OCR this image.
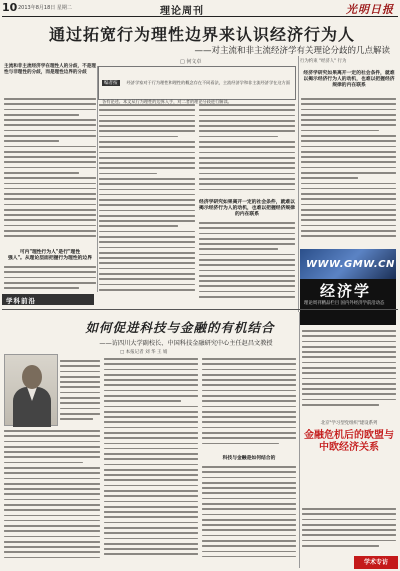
10 2013年8月18日 星期二	理论周刊	光明日报
通过拓宽行为理性边界来认识经济行为人
——对主流和非主流经济学有关理论分歧的几点解读
□ 何文卓
主流和非主流经济学在理性人的分歧，不是理性与非理性的分歧，而是理性边界的分歧
编者按 经济学家对于行为理性和理性的概念存在不同看法，主流经济学和非主流经济学在这方面各有论述。本文从行为理性的边界入手，对二者的理论分歧进行解读。
可内"理性行为人"是行"理性
强人"。从理论层面把握行为理性的边界
经济学研究如果离开一定的社会条件，就难以揭示经济行为人的动机，也难以把握经济规律的内在联系
行为约束 "经济人" 行为
经济学研究如果离开一定的社会条件，就难以揭示经济行为人的动机，也难以把握经济规律的内在联系
WWW.GMW.CN
经济学
理论周刊精品栏目 国内外经济学前沿动态
学科前沿
如何促进科技与金融的有机结合
——访四川大学副校长、中国科技金融研究中心主任赵昌文教授
□ 本报记者 刘 华 王 娟
科技与金融是如何结合的
北京"学习型党组织"建设系列
金融危机后的欧盟与中欧经济关系
学术专访
